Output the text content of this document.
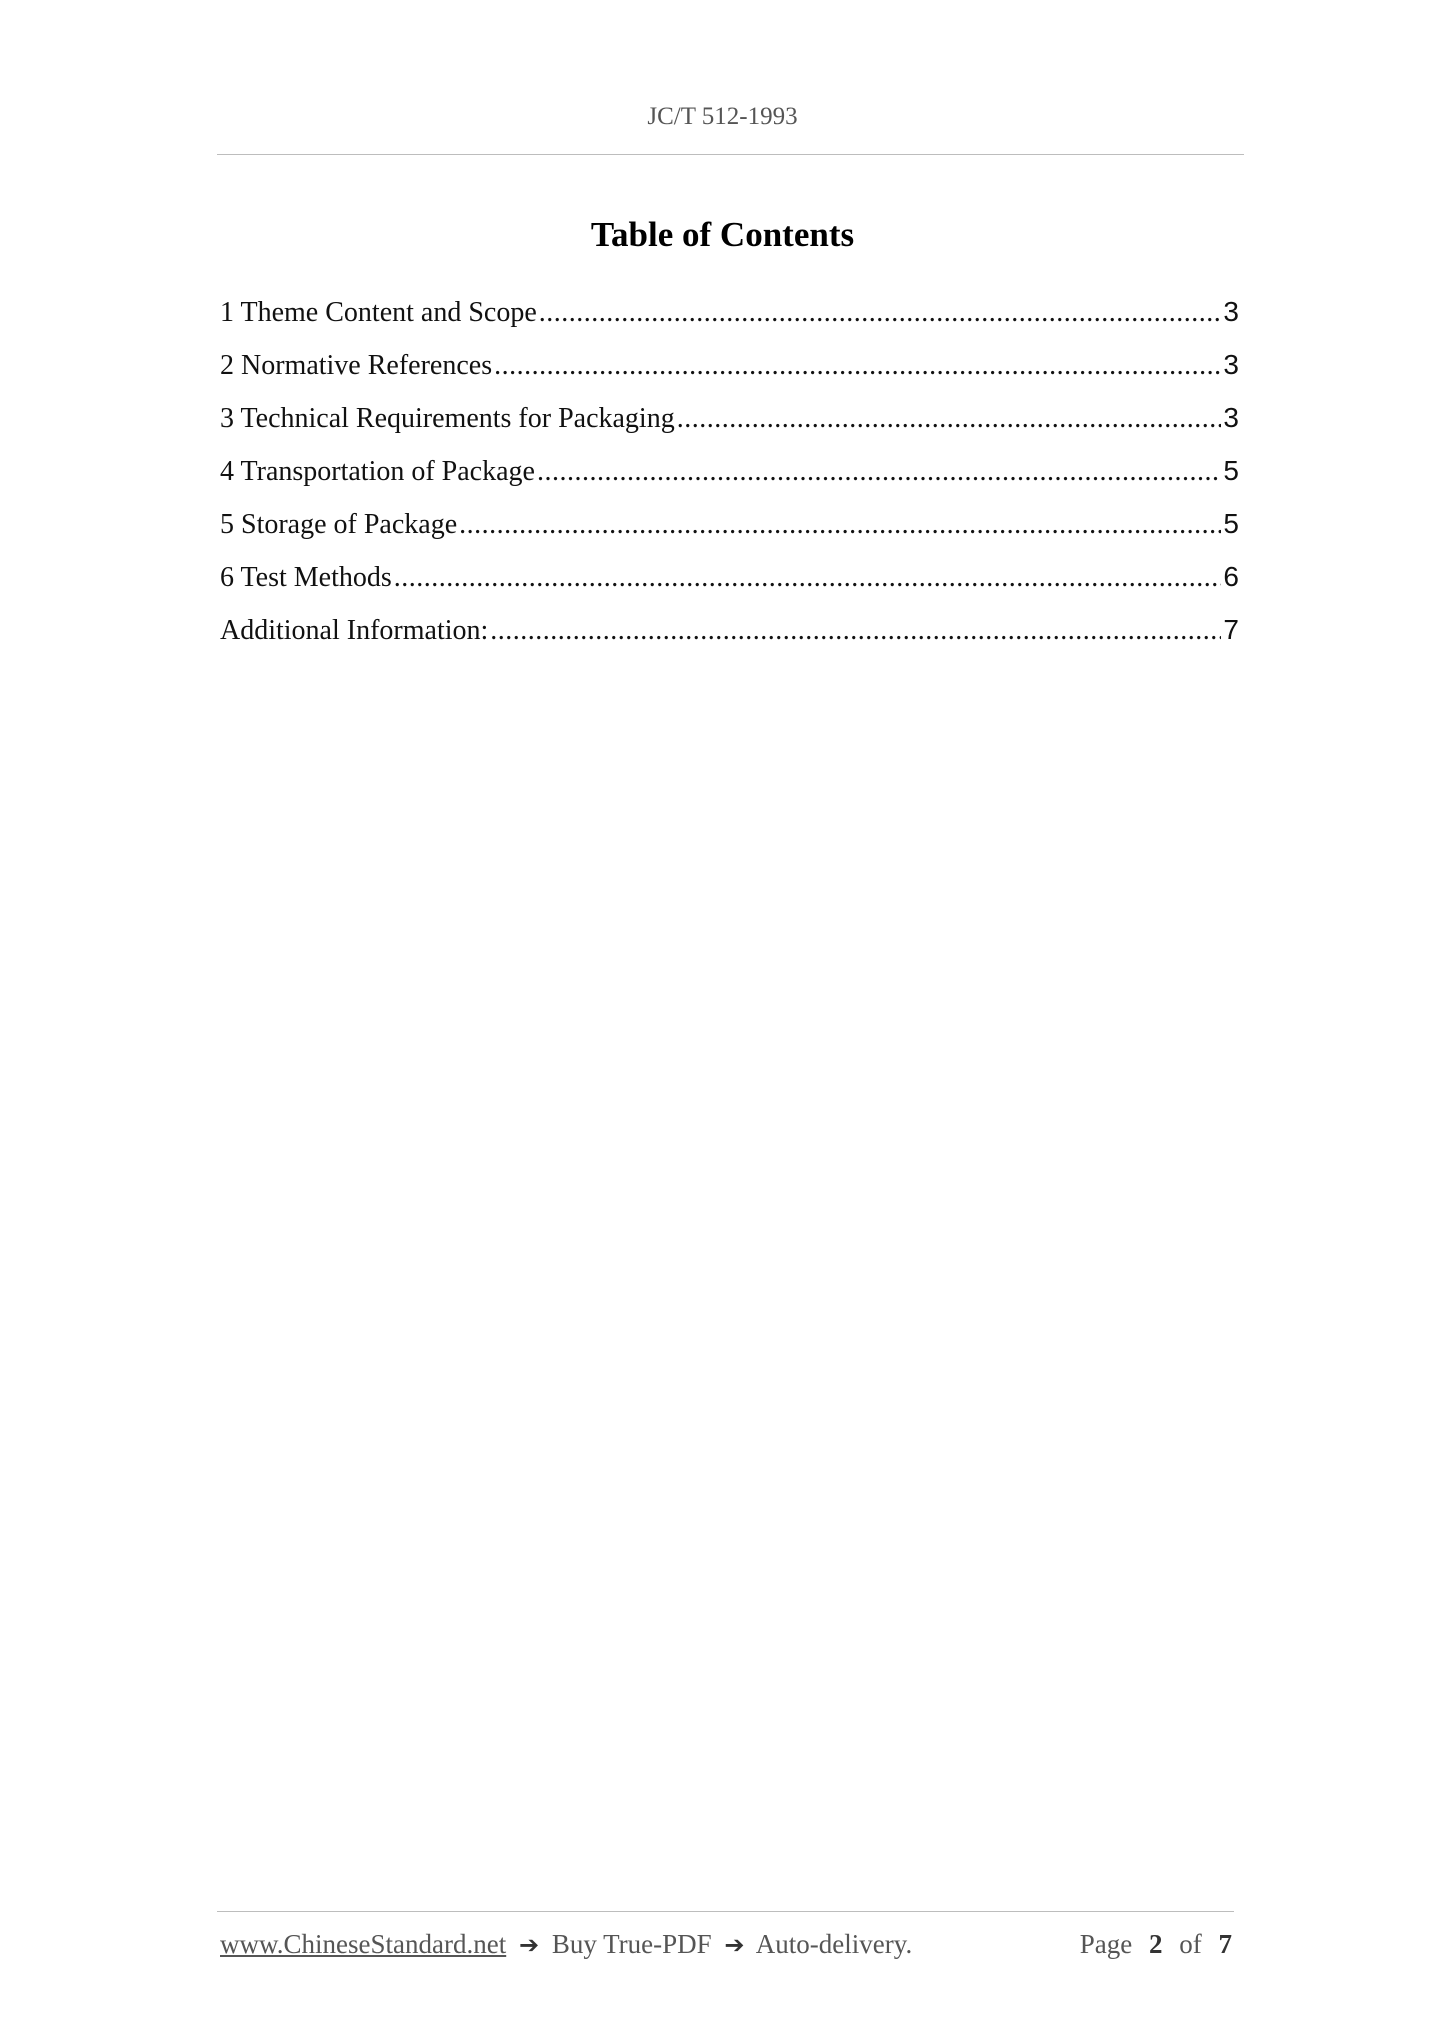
JC/T 512-1993
Table of Contents
1 Theme Content and Scope .....	3
2 Normative References .....	3
3 Technical Requirements for Packaging .....	3
4 Transportation of Package .....	5
5 Storage of Package .....	5
6 Test Methods .....	6
Additional Information: .....	7
www.ChineseStandard.net ➔ Buy True-PDF ➔ Auto-delivery.	Page 2 of 7
